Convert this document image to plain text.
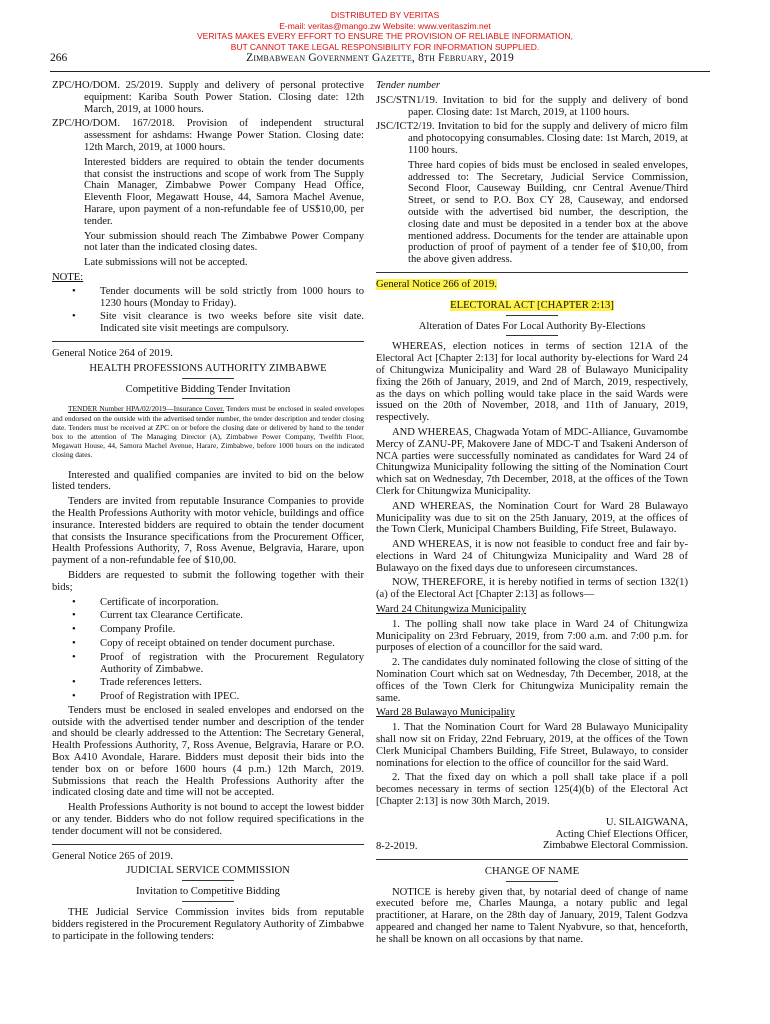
DISTRIBUTED BY VERITAS
E-mail: veritas@mango.zw Website: www.veritaszim.net
VERITAS MAKES EVERY EFFORT TO ENSURE THE PROVISION OF RELIABLE INFORMATION,
BUT CANNOT TAKE LEGAL RESPONSIBILITY FOR INFORMATION SUPPLIED.
266	Zimbabwean Government Gazette, 8th February, 2019

ZPC/HO/DOM. 25/2019. Supply and delivery of personal protective equipment: Kariba South Power Station. Closing date: 12th March, 2019, at 1000 hours.

ZPC/HO/DOM. 167/2018. Provision of independent structural assessment for ashdams: Hwange Power Station. Closing date: 12th March, 2019, at 1000 hours.

Interested bidders are required to obtain the tender documents that consist the instructions and scope of work from The Supply Chain Manager, Zimbabwe Power Company Head Office, Eleventh Floor, Megawatt House, 44, Samora Machel Avenue, Harare, upon payment of a non-refundable fee of US$10,00, per tender.

Your submission should reach The Zimbabwe Power Company not later than the indicated closing dates.

Late submissions will not be accepted.

NOTE:

• Tender documents will be sold strictly from 1000 hours to 1230 hours (Monday to Friday).
• Site visit clearance is two weeks before site visit date. Indicated site visit meetings are compulsory.

General Notice 264 of 2019.

HEALTH PROFESSIONS AUTHORITY ZIMBABWE

Competitive Bidding Tender Invitation

TENDER Number HPA/02/2019—Insurance Cover. Tenders must be enclosed in sealed envelopes and endorsed on the outside with the advertised tender number, the tender description and tender closing date. Tenders must be received at ZPC on or before the closing date or delivered by hand to the tender box to the attention of The Managing Director (A), Zimbabwe Power Company, Twelfth Floor, Megawatt House, 44, Samora Machel Avenue, Harare, Zimbabwe, before 1000 hours on the indicated closing dates.

Interested and qualified companies are invited to bid on the below listed tenders.

Tenders are invited from reputable Insurance Companies to provide the Health Professions Authority with motor vehicle, buildings and office insurance. Interested bidders are required to obtain the tender document that consists the Insurance specifications from the Procurement Officer, Health Professions Authority, 7, Ross Avenue, Belgravia, Harare, upon payment of a non-refundable fee of $10,00.

Bidders are requested to submit the following together with their bids;

• Certificate of incorporation.
• Current tax Clearance Certificate.
• Company Profile.
• Copy of receipt obtained on tender document purchase.
• Proof of registration with the Procurement Regulatory Authority of Zimbabwe.
• Trade references letters.
• Proof of Registration with IPEC.

Tenders must be enclosed in sealed envelopes and endorsed on the outside with the advertised tender number and description of the tender and should be clearly addressed to the Attention: The Secretary General, Health Professions Authority, 7, Ross Avenue, Belgravia, Harare or P.O. Box A410 Avondale, Harare. Bidders must deposit their bids into the tender box on or before 1600 hours (4 p.m.) 12th March, 2019. Submissions that reach the Health Professions Authority after the indicated closing date and time will not be accepted.

Health Professions Authority is not bound to accept the lowest bidder or any tender. Bidders who do not follow required specifications in the tender document will not be considered.

General Notice 265 of 2019.

JUDICIAL SERVICE COMMISSION

Invitation to Competitive Bidding

THE Judicial Service Commission invites bids from reputable bidders registered in the Procurement Regulatory Authority of Zimbabwe to participate in the following tenders:

Tender number

JSC/STN1/19. Invitation to bid for the supply and delivery of bond paper. Closing date: 1st March, 2019, at 1100 hours.

JSC/ICT2/19. Invitation to bid for the supply and delivery of micro film and photocopying consumables. Closing date: 1st March, 2019, at 1100 hours.

Three hard copies of bids must be enclosed in sealed envelopes, addressed to: The Secretary, Judicial Service Commission, Second Floor, Causeway Building, cnr Central Avenue/Third Street, or send to P.O. Box CY 28, Causeway, and endorsed outside with the advertised bid number, the description, the closing date and must be deposited in a tender box at the above mentioned address. Documents for the tender are attainable upon production of proof of payment of a tender fee of $10,00, from the above given address.

General Notice 266 of 2019.

ELECTORAL ACT [CHAPTER 2:13]

Alteration of Dates For Local Authority By-Elections

WHEREAS, election notices in terms of section 121A of the Electoral Act [Chapter 2:13] for local authority by-elections for Ward 24 of Chitungwiza Municipality and Ward 28 of Bulawayo Municipality fixing the 26th of January, 2019, and 2nd of March, 2019, respectively, as the days on which polling would take place in the said Wards were issued on the 20th of November, 2018, and 11th of January, 2019, respectively.

AND WHEREAS, Chagwada Yotam of MDC-Alliance, Guvamombe Mercy of ZANU-PF, Makovere Jane of MDC-T and Tsakeni Anderson of NCA parties were successfully nominated as candidates for Ward 24 of Chitungwiza Municipality following the sitting of the Nomination Court which sat on Wednesday, 7th December, 2018, at the offices of the Town Clerk for Chitungwiza Municipality.

AND WHEREAS, the Nomination Court for Ward 28 Bulawayo Municipality was due to sit on the 25th January, 2019, at the offices of the Town Clerk, Municipal Chambers Building, Fife Street, Bulawayo.

AND WHEREAS, it is now not feasible to conduct free and fair by-elections in Ward 24 of Chitungwiza Municipality and Ward 28 of Bulawayo on the fixed days due to unforeseen circumstances.

NOW, THEREFORE, it is hereby notified in terms of section 132(1)(a) of the Electoral Act [Chapter 2:13] as follows—

Ward 24 Chitungwiza Municipality

1. The polling shall now take place in Ward 24 of Chitungwiza Municipality on 23rd February, 2019, from 7:00 a.m. and 7:00 p.m. for purposes of election of a councillor for the said ward.

2. The candidates duly nominated following the close of sitting of the Nomination Court which sat on Wednesday, 7th December, 2018, at the offices of the Town Clerk for Chitungwiza Municipality remain the same.

Ward 28 Bulawayo Municipality

1. That the Nomination Court for Ward 28 Bulawayo Municipality shall now sit on Friday, 22nd February, 2019, at the offices of the Town Clerk Municipal Chambers Building, Fife Street, Bulawayo, to consider nominations for election to the office of councillor for the said Ward.

2. That the fixed day on which a poll shall take place if a poll becomes necessary in terms of section 125(4)(b) of the Electoral Act [Chapter 2:13] is now 30th March, 2019.

U. SILAIGWANA,
Acting Chief Elections Officer,
Zimbabwe Electoral Commission.
8-2-2019.

CHANGE OF NAME

NOTICE is hereby given that, by notarial deed of change of name executed before me, Charles Maunga, a notary public and legal practitioner, at Harare, on the 28th day of January, 2019, Talent Godzva appeared and changed her name to Talent Nyabvure, so that, henceforth, he shall be known on all occasions by that name.
